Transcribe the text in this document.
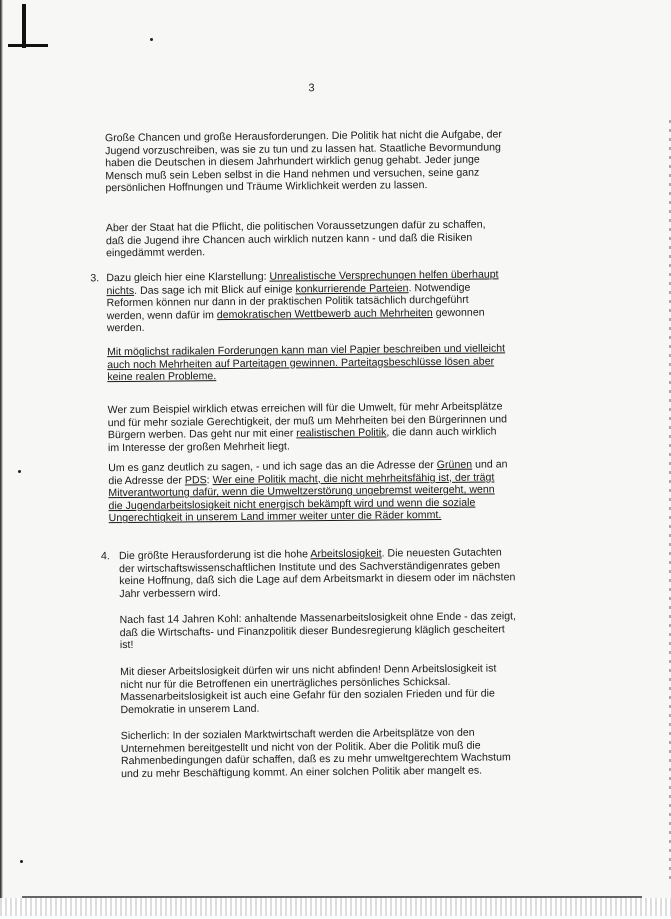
3

Große Chancen und große Herausforderungen. Die Politik hat nicht die Aufgabe, der Jugend vorzuschreiben, was sie zu tun und zu lassen hat. Staatliche Bevormundung haben die Deutschen in diesem Jahrhundert wirklich genug gehabt. Jeder junge Mensch muß sein Leben selbst in die Hand nehmen und versuchen, seine ganz persönlichen Hoffnungen und Träume Wirklichkeit werden zu lassen.

Aber der Staat hat die Pflicht, die politischen Voraussetzungen dafür zu schaffen, daß die Jugend ihre Chancen auch wirklich nutzen kann - und daß die Risiken eingedämmt werden.

3. Dazu gleich hier eine Klarstellung: Unrealistische Versprechungen helfen überhaupt nichts. Das sage ich mit Blick auf einige konkurrierende Parteien. Notwendige Reformen können nur dann in der praktischen Politik tatsächlich durchgeführt werden, wenn dafür im demokratischen Wettbewerb auch Mehrheiten gewonnen werden.

Mit möglichst radikalen Forderungen kann man viel Papier beschreiben und vielleicht auch noch Mehrheiten auf Parteitagen gewinnen. Parteitagsbeschlüsse lösen aber keine realen Probleme.

Wer zum Beispiel wirklich etwas erreichen will für die Umwelt, für mehr Arbeitsplätze und für mehr soziale Gerechtigkeit, der muß um Mehrheiten bei den Bürgerinnen und Bürgern werben. Das geht nur mit einer realistischen Politik, die dann auch wirklich im Interesse der großen Mehrheit liegt.

Um es ganz deutlich zu sagen, - und ich sage das an die Adresse der Grünen und an die Adresse der PDS: Wer eine Politik macht, die nicht mehrheitsfähig ist, der trägt Mitverantwortung dafür, wenn die Umweltzerstörung ungebremst weitergeht, wenn die Jugendarbeitslosigkeit nicht energisch bekämpft wird und wenn die soziale Ungerechtigkeit in unserem Land immer weiter unter die Räder kommt.

4. Die größte Herausforderung ist die hohe Arbeitslosigkeit. Die neuesten Gutachten der wirtschaftswissenschaftlichen Institute und des Sachverständigenrates geben keine Hoffnung, daß sich die Lage auf dem Arbeitsmarkt in diesem oder im nächsten Jahr verbessern wird.

Nach fast 14 Jahren Kohl: anhaltende Massenarbeitslosigkeit ohne Ende - das zeigt, daß die Wirtschafts- und Finanzpolitik dieser Bundesregierung kläglich gescheitert ist!

Mit dieser Arbeitslosigkeit dürfen wir uns nicht abfinden! Denn Arbeitslosigkeit ist nicht nur für die Betroffenen ein unerträgliches persönliches Schicksal. Massenarbeitslosigkeit ist auch eine Gefahr für den sozialen Frieden und für die Demokratie in unserem Land.

Sicherlich: In der sozialen Marktwirtschaft werden die Arbeitsplätze von den Unternehmen bereitgestellt und nicht von der Politik. Aber die Politik muß die Rahmenbedingungen dafür schaffen, daß es zu mehr umweltgerechtem Wachstum und zu mehr Beschäftigung kommt. An einer solchen Politik aber mangelt es.
